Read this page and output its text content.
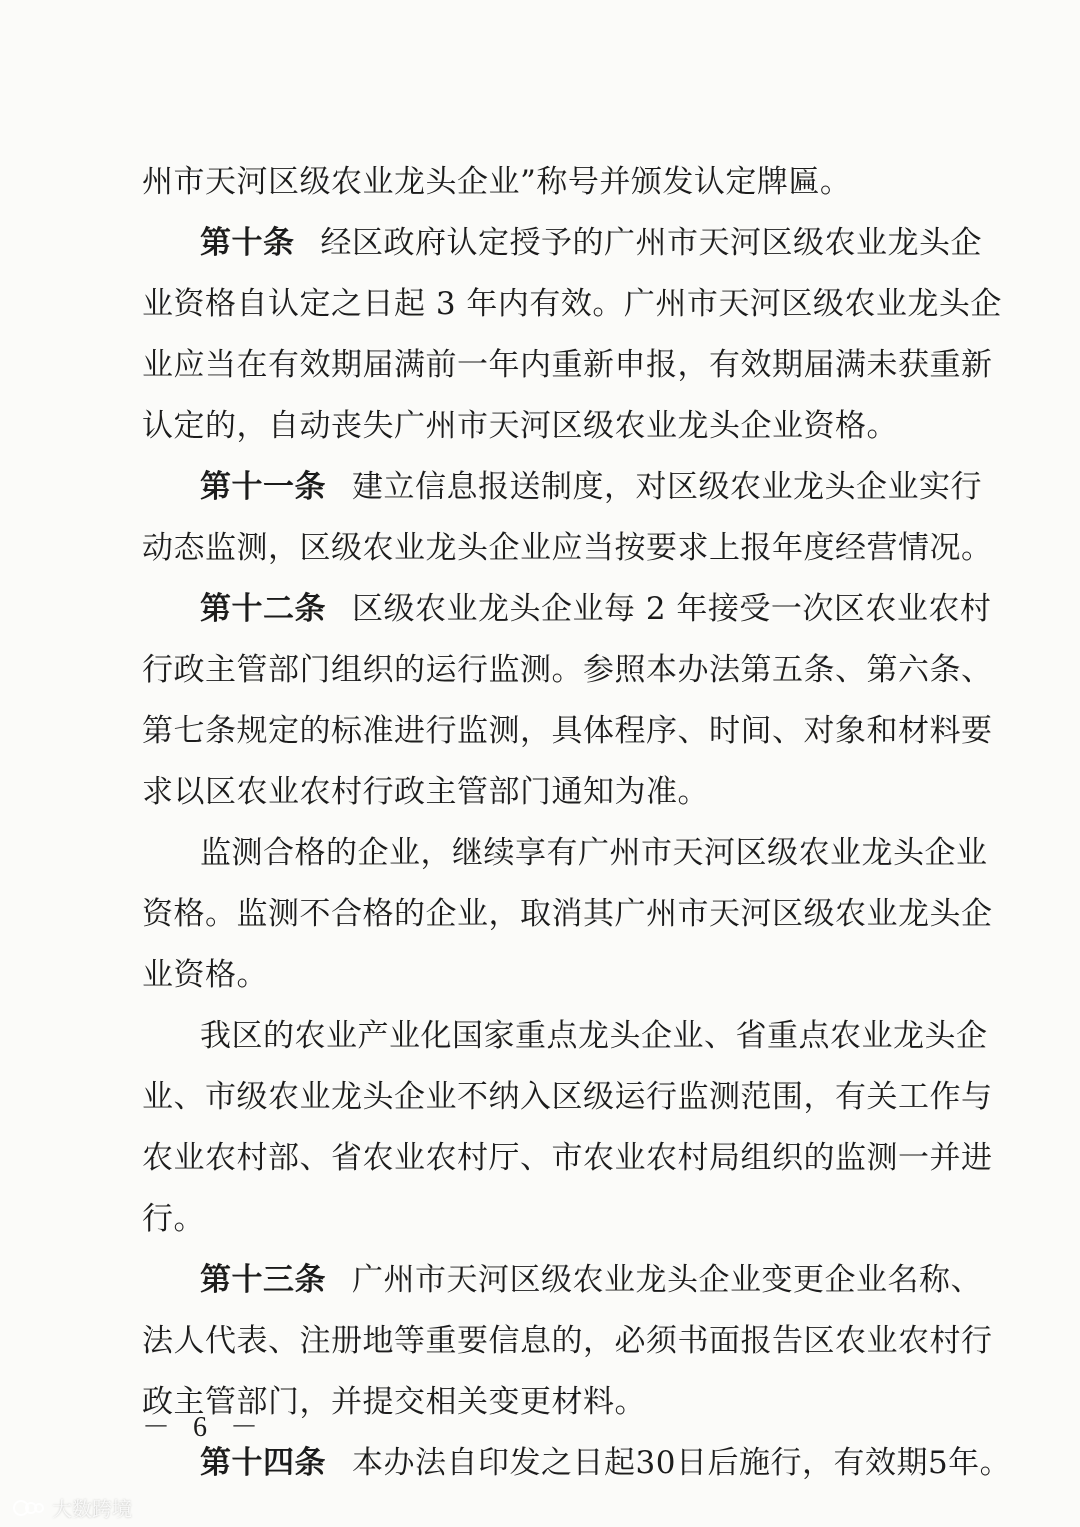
州市天河区级农业龙头企业”称号并颁发认定牌匾。
第十条 经区政府认定授予的广州市天河区级农业龙头企
业资格自认定之日起 3 年内有效。广州市天河区级农业龙头企
业应当在有效期届满前一年内重新申报，有效期届满未获重新
认定的，自动丧失广州市天河区级农业龙头企业资格。
第十一条 建立信息报送制度，对区级农业龙头企业实行
动态监测，区级农业龙头企业应当按要求上报年度经营情况。
第十二条 区级农业龙头企业每 2 年接受一次区农业农村
行政主管部门组织的运行监测。参照本办法第五条、第六条、
第七条规定的标准进行监测，具体程序、时间、对象和材料要
求以区农业农村行政主管部门通知为准。
监测合格的企业，继续享有广州市天河区级农业龙头企业
资格。监测不合格的企业，取消其广州市天河区级农业龙头企
业资格。
我区的农业产业化国家重点龙头企业、省重点农业龙头企
业、市级农业龙头企业不纳入区级运行监测范围，有关工作与
农业农村部、省农业农村厅、市农业农村局组织的监测一并进
行。
第十三条 广州市天河区级农业龙头企业变更企业名称、
法人代表、注册地等重要信息的，必须书面报告区农业农村行
政主管部门，并提交相关变更材料。
第十四条 本办法自印发之日起30日后施行，有效期5年。
－ 6 －
大数跨境
